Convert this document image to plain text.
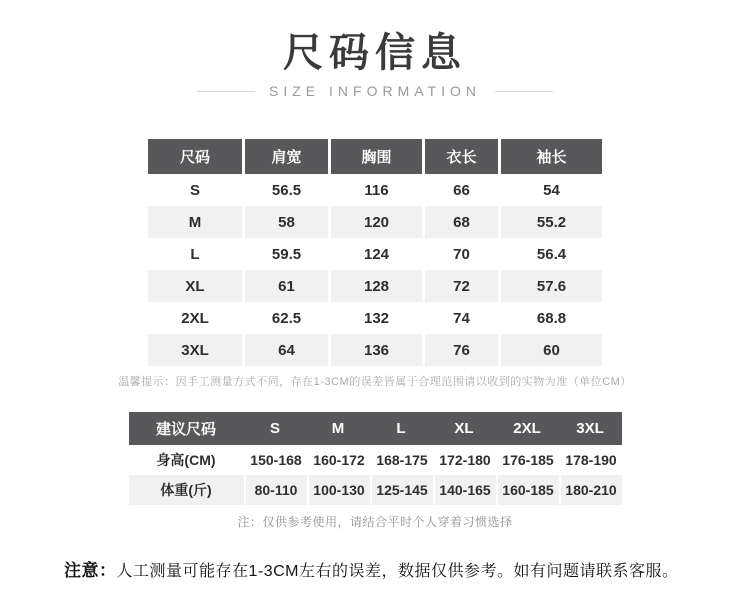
尺码信息
SIZE INFORMATION
尺码	肩宽	胸围	衣长	袖长
S	56.5	116	66	54
M	58	120	68	55.2
L	59.5	124	70	56.4
XL	61	128	72	57.6
2XL	62.5	132	74	68.8
3XL	64	136	76	60
温馨提示：因手工测量方式不同，存在1-3CM的误差皆属于合理范围请以收到的实物为准（单位CM）
建议尺码	S	M	L	XL	2XL	3XL
身高(CM)	150-168	160-172	168-175	172-180	176-185	178-190
体重(斤)	80-110	100-130	125-145	140-165	160-185	180-210
注：仅供参考使用，请结合平时个人穿着习惯选择
注意：人工测量可能存在1-3CM左右的误差，数据仅供参考。如有问题请联系客服。
